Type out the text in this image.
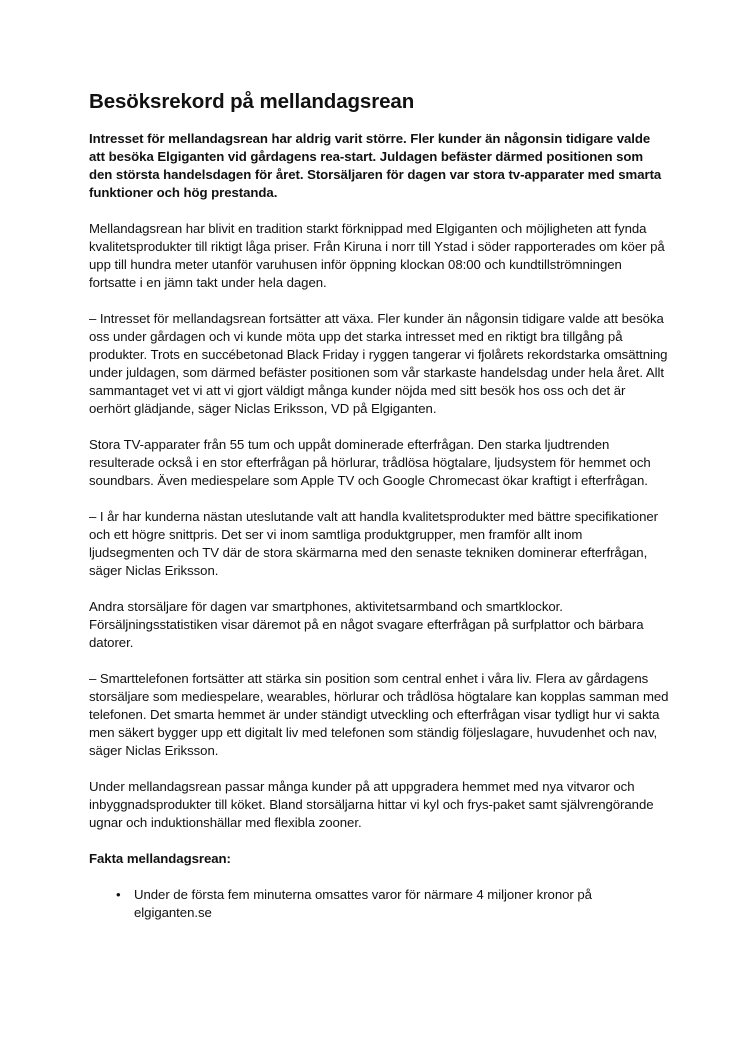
Besöksrekord på mellandagsrean

Intresset för mellandagsrean har aldrig varit större. Fler kunder än någonsin tidigare valde att besöka Elgiganten vid gårdagens rea-start. Juldagen befäster därmed positionen som den största handelsdagen för året. Storsäljaren för dagen var stora tv-apparater med smarta funktioner och hög prestanda.

Mellandagsrean har blivit en tradition starkt förknippad med Elgiganten och möjligheten att fynda kvalitetsprodukter till riktigt låga priser. Från Kiruna i norr till Ystad i söder rapporterades om köer på upp till hundra meter utanför varuhusen inför öppning klockan 08:00 och kundtillströmningen fortsatte i en jämn takt under hela dagen.

– Intresset för mellandagsrean fortsätter att växa. Fler kunder än någonsin tidigare valde att besöka oss under gårdagen och vi kunde möta upp det starka intresset med en riktigt bra tillgång på produkter. Trots en succébetonad Black Friday i ryggen tangerar vi fjolårets rekordstarka omsättning under juldagen, som därmed befäster positionen som vår starkaste handelsdag under hela året. Allt sammantaget vet vi att vi gjort väldigt många kunder nöjda med sitt besök hos oss och det är oerhört glädjande, säger Niclas Eriksson, VD på Elgiganten.

Stora TV-apparater från 55 tum och uppåt dominerade efterfrågan. Den starka ljudtrenden resulterade också i en stor efterfrågan på hörlurar, trådlösa högtalare, ljudsystem för hemmet och soundbars. Även mediespelare som Apple TV och Google Chromecast ökar kraftigt i efterfrågan.

– I år har kunderna nästan uteslutande valt att handla kvalitetsprodukter med bättre specifikationer och ett högre snittpris. Det ser vi inom samtliga produktgrupper, men framför allt inom ljudsegmenten och TV där de stora skärmarna med den senaste tekniken dominerar efterfrågan, säger Niclas Eriksson.

Andra storsäljare för dagen var smartphones, aktivitetsarmband och smartklockor. Försäljningsstatistiken visar däremot på en något svagare efterfrågan på surfplattor och bärbara datorer.

– Smarttelefonen fortsätter att stärka sin position som central enhet i våra liv. Flera av gårdagens storsäljare som mediespelare, wearables, hörlurar och trådlösa högtalare kan kopplas samman med telefonen. Det smarta hemmet är under ständigt utveckling och efterfrågan visar tydligt hur vi sakta men säkert bygger upp ett digitalt liv med telefonen som ständig följeslagare, huvudenhet och nav, säger Niclas Eriksson.

Under mellandagsrean passar många kunder på att uppgradera hemmet med nya vitvaror och inbyggnadsprodukter till köket. Bland storsäljarna hittar vi kyl och frys-paket samt självrengörande ugnar och induktionshällar med flexibla zooner.

Fakta mellandagsrean:

• Under de första fem minuterna omsattes varor för närmare 4 miljoner kronor på elgiganten.se
